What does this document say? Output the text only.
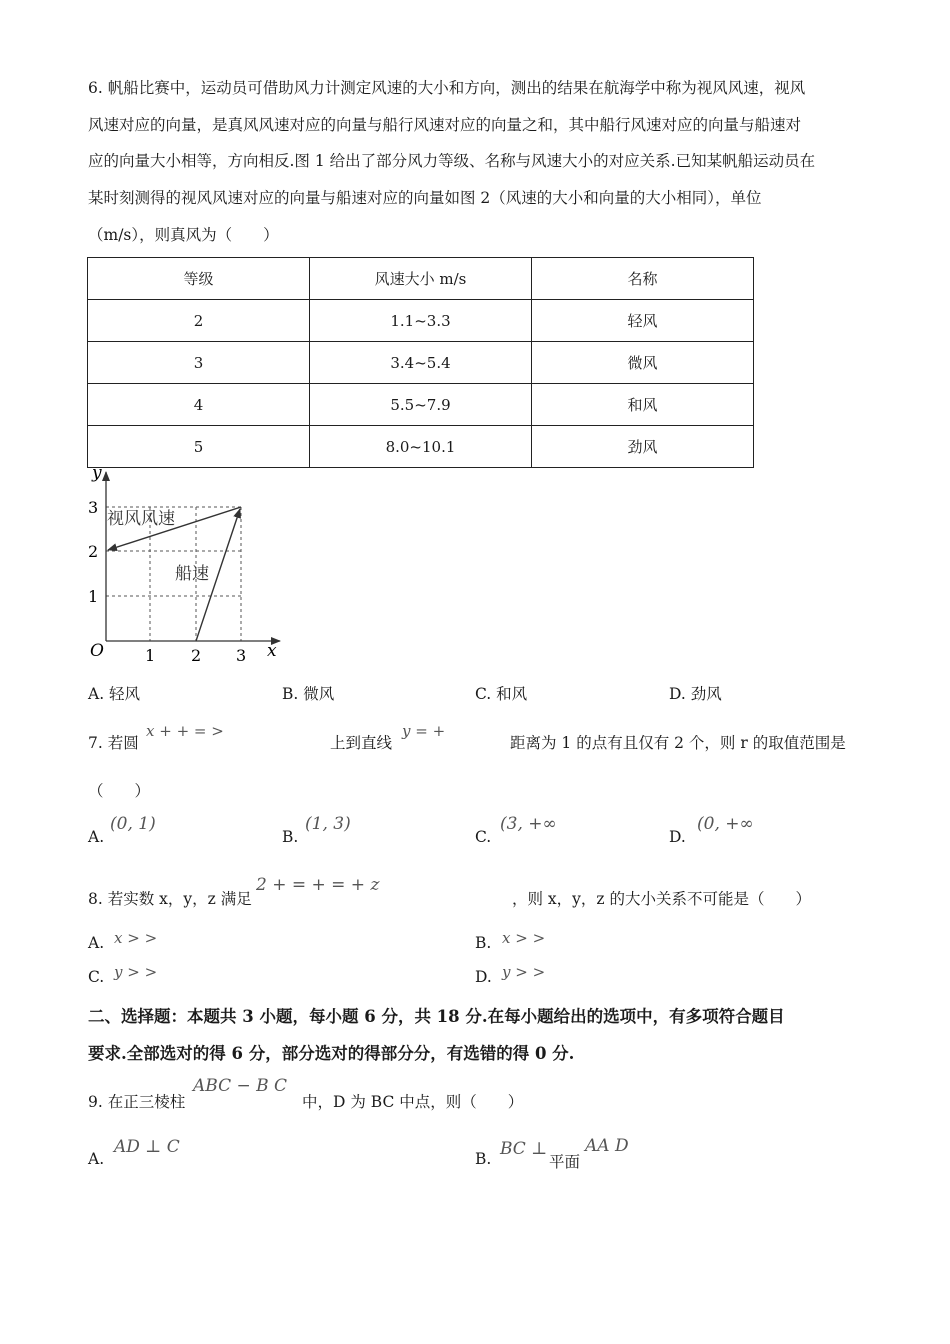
6. 帆船比赛中，运动员可借助风力计测定风速的大小和方向，测出的结果在航海学中称为视风风速，视风
风速对应的向量，是真风风速对应的向量与船行风速对应的向量之和，其中船行风速对应的向量与船速对
应的向量大小相等，方向相反.图 1 给出了部分风力等级、名称与风速大小的对应关系.已知某帆船运动员在
某时刻测得的视风风速对应的向量与船速对应的向量如图 2（风速的大小和向量的大小相同），单位
（m/s），则真风为（　　）
等级	风速大小 m/s	名称
2	1.1~3.3	轻风
3	3.4~5.4	微风
4	5.5~7.9	和风
5	8.0~10.1	劲风
y
x
O	1 2 3
1
2
3
视风风速
船速
A. 轻风	B. 微风	C. 和风	D. 劲风
7. 若圆
x + + = >
上到直线
y = +
距离为 1 的点有且仅有 2 个，则 r 的取值范围是
（　　）
A.
(0, 1)
B.
(1, 3)
C.
(3, +∞
D.
(0, +∞
8. 若实数 x，y，z 满足
2 + = + = + z
，则 x，y，z 的大小关系不可能是（　　）
A. x > >	B. x > >
C. y > >	D. y > >
二、选择题：本题共 3 小题，每小题 6 分，共 18 分.在每小题给出的选项中，有多项符合题目
要求.全部选对的得 6 分，部分选对的得部分分，有选错的得 0 分.
9. 在正三棱柱
ABC − B C
中，D 为 BC 中点，则（　　）
A.
AD ⊥ C
B. BC ⊥
平面
AA D
